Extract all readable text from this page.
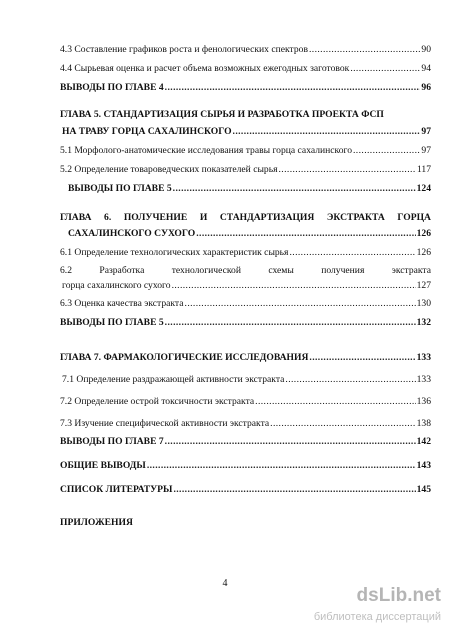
4.3 Составление графиков роста и фенологических спектров .....	90
4.4 Сырьевая оценка и расчет объема возможных ежегодных заготовок .....	94
ВЫВОДЫ ПО ГЛАВЕ 4 .....	96
ГЛАВА 5. СТАНДАРТИЗАЦИЯ СЫРЬЯ И РАЗРАБОТКА ПРОЕКТА ФСП
НА ТРАВУ ГОРЦА САХАЛИНСКОГО .....	97
5.1 Морфолого-анатомические исследования травы горца сахалинского .....	97
5.2 Определение товароведческих показателей сырья .....	117
ВЫВОДЫ ПО ГЛАВЕ 5 .....	124
ГЛАВА 6. ПОЛУЧЕНИЕ И СТАНДАРТИЗАЦИЯ ЭКСТРАКТА ГОРЦА
САХАЛИНСКОГО СУХОГО .....	126
6.1 Определение технологических характеристик сырья .....	126
6.2	Разработка	технологической	схемы	получения	экстракта
горца сахалинского сухого .....	127
6.3 Оценка качества экстракта .....	130
ВЫВОДЫ ПО ГЛАВЕ 5 .....	132
ГЛАВА 7. ФАРМАКОЛОГИЧЕСКИЕ ИССЛЕДОВАНИЯ .....	133
7.1 Определение раздражающей активности экстракта .....	133
7.2 Определение острой токсичности экстракта .....	136
7.3 Изучение специфической активности экстракта .....	138
ВЫВОДЫ ПО ГЛАВЕ 7 .....	142
ОБЩИЕ ВЫВОДЫ .....	143
СПИСОК ЛИТЕРАТУРЫ .....	145
ПРИЛОЖЕНИЯ
4
dsLib.net
библиотека диссертаций
